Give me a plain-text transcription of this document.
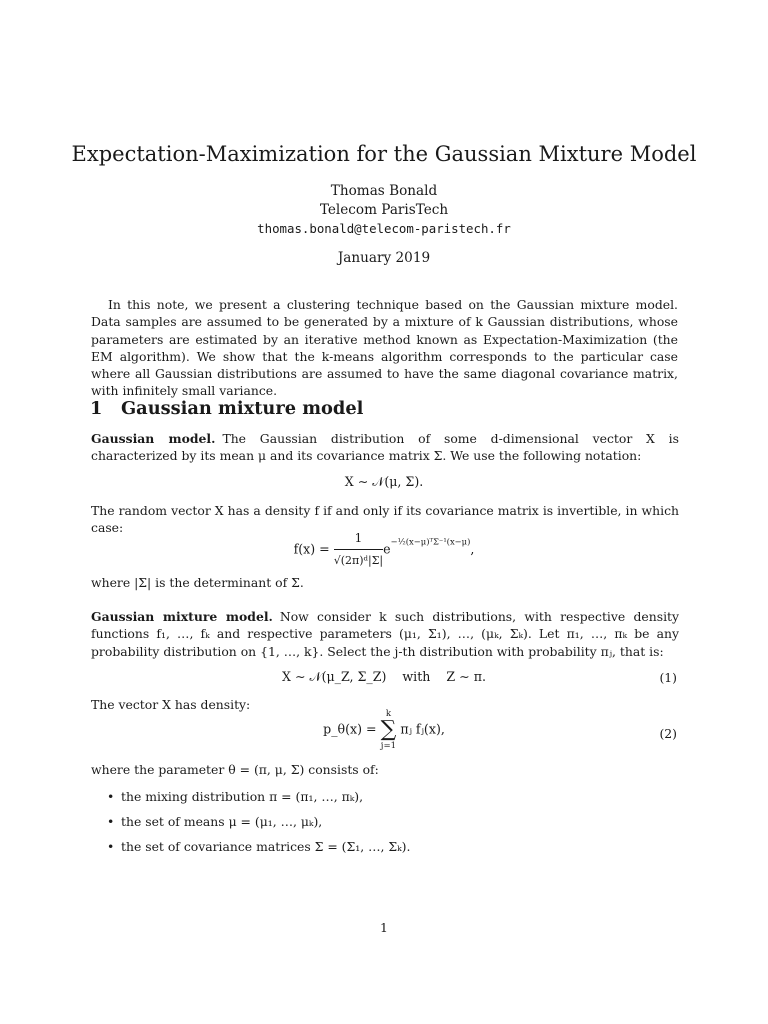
Expectation-Maximization for the Gaussian Mixture Model
Thomas Bonald
Telecom ParisTech
thomas.bonald@telecom-paristech.fr
January 2019

In this note, we present a clustering technique based on the Gaussian mixture model. Data samples are assumed to be generated by a mixture of k Gaussian distributions, whose parameters are estimated by an iterative method known as Expectation-Maximization (the EM algorithm). We show that the k-means algorithm corresponds to the particular case where all Gaussian distributions are assumed to have the same diagonal covariance matrix, with infinitely small variance.

1 Gaussian mixture model

Gaussian model. The Gaussian distribution of some d-dimensional vector X is characterized by its mean μ and its covariance matrix Σ. We use the following notation:

X ∼ 𝒩(μ, Σ).

The random vector X has a density f if and only if its covariance matrix is invertible, in which case:

$f(x) = \frac{1}{\text{√(2π)ᵈ|Σ|}} e^{-\frac{1}{2}(x-\mu)ᵀ\Sigma^{-1}(x-\mu)}$,

where |Σ| is the determinant of Σ.

Gaussian mixture model. Now consider k such distributions, with respective density functions f₁, …, fₖ and respective parameters (μ₁, Σ₁), …, (μₖ, Σₖ). Let π₁, …, πₖ be any probability distribution on {1, …, k}. Select the j-th distribution with probability πⱼ, that is:

X ∼ 𝒩(μ_Z, Σ_Z)    with    Z ∼ π.	(1)

The vector X has density:

p_θ(x) =
k
∑
j=1
πⱼ fⱼ(x),	(2)

where the parameter θ = (π, μ, Σ) consists of:

• the mixing distribution π = (π₁, …, πₖ),
• the set of means μ = (μ₁, …, μₖ),
• the set of covariance matrices Σ = (Σ₁, …, Σₖ).
1
